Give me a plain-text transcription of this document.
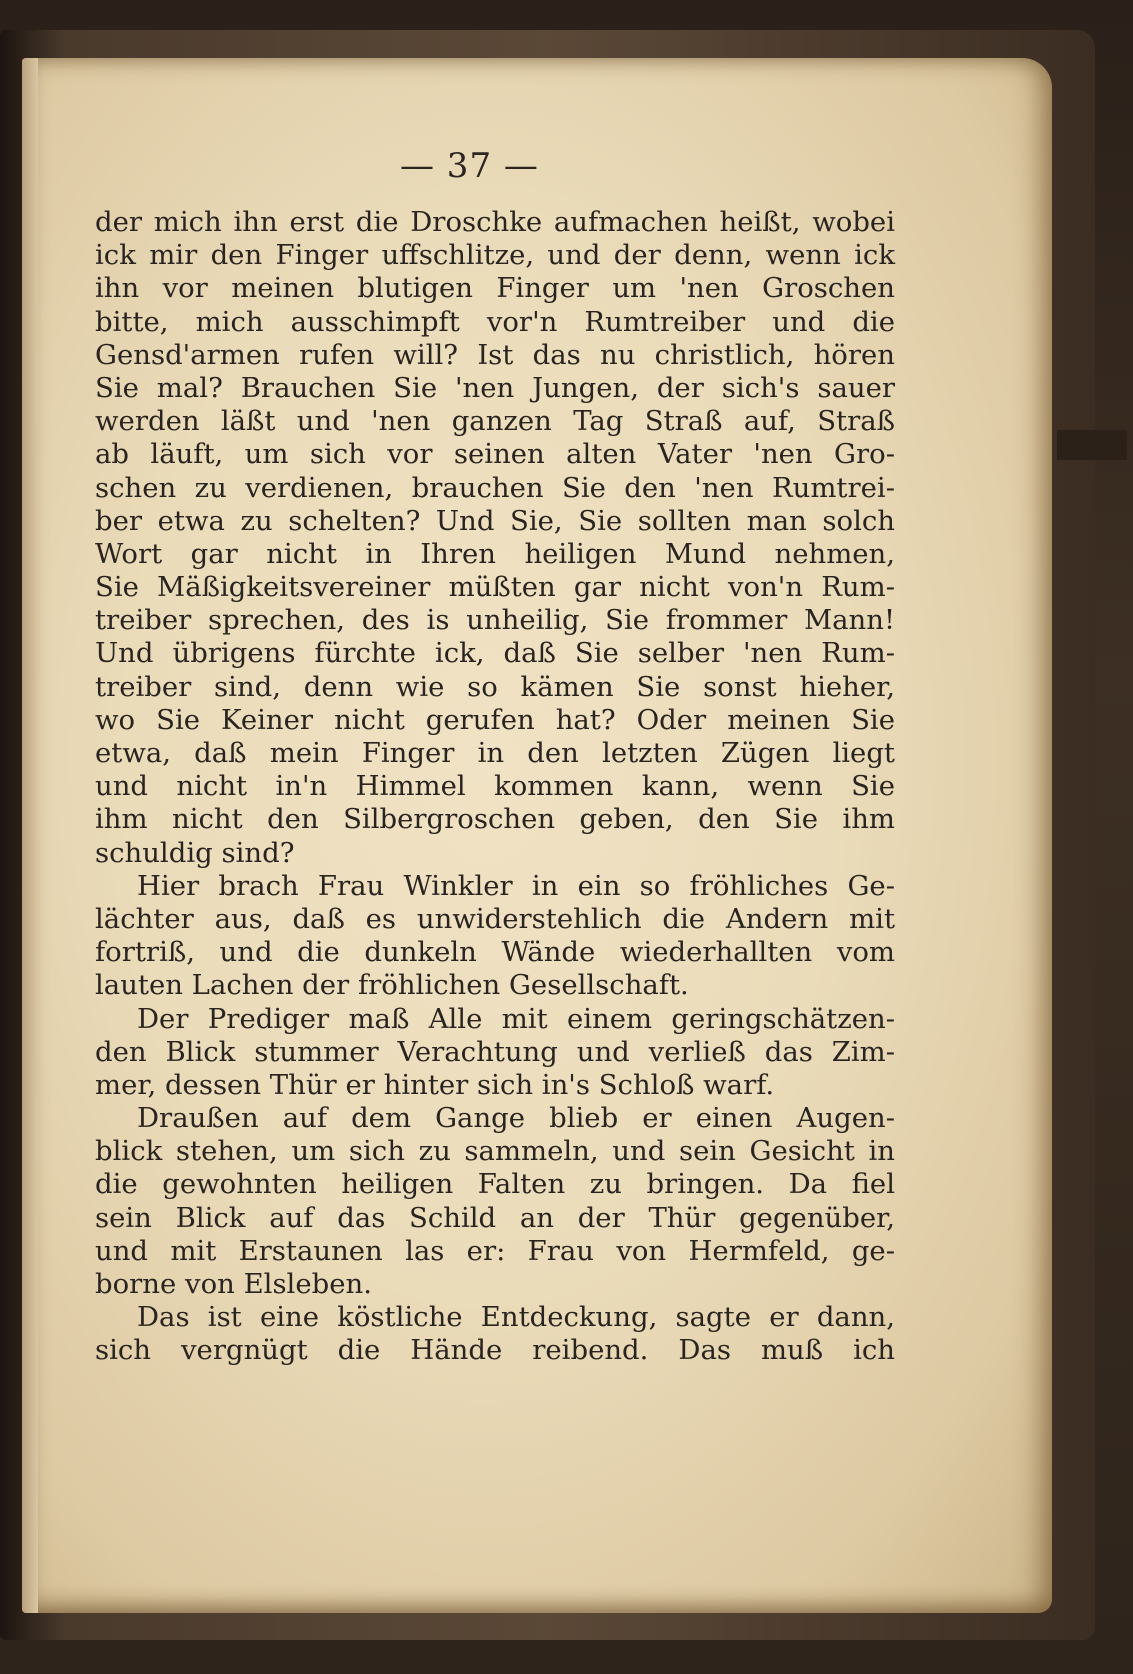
— 37 —
der mich ihn erst die Droschke aufmachen heißt, wobei
ick mir den Finger uffschlitze, und der denn, wenn ick
ihn vor meinen blutigen Finger um 'nen Groschen
bitte, mich ausschimpft vor'n Rumtreiber und die
Gensd'armen rufen will? Ist das nu christlich, hören
Sie mal? Brauchen Sie 'nen Jungen, der sich's sauer
werden läßt und 'nen ganzen Tag Straß auf, Straß
ab läuft, um sich vor seinen alten Vater 'nen Gro-
schen zu verdienen, brauchen Sie den 'nen Rumtrei-
ber etwa zu schelten? Und Sie, Sie sollten man solch
Wort gar nicht in Ihren heiligen Mund nehmen,
Sie Mäßigkeitsvereiner müßten gar nicht von'n Rum-
treiber sprechen, des is unheilig, Sie frommer Mann!
Und übrigens fürchte ick, daß Sie selber 'nen Rum-
treiber sind, denn wie so kämen Sie sonst hieher,
wo Sie Keiner nicht gerufen hat? Oder meinen Sie
etwa, daß mein Finger in den letzten Zügen liegt
und nicht in'n Himmel kommen kann, wenn Sie
ihm nicht den Silbergroschen geben, den Sie ihm
schuldig sind?
Hier brach Frau Winkler in ein so fröhliches Ge-
lächter aus, daß es unwiderstehlich die Andern mit
fortriß, und die dunkeln Wände wiederhallten vom
lauten Lachen der fröhlichen Gesellschaft.
Der Prediger maß Alle mit einem geringschätzen-
den Blick stummer Verachtung und verließ das Zim-
mer, dessen Thür er hinter sich in's Schloß warf.
Draußen auf dem Gange blieb er einen Augen-
blick stehen, um sich zu sammeln, und sein Gesicht in
die gewohnten heiligen Falten zu bringen. Da fiel
sein Blick auf das Schild an der Thür gegenüber,
und mit Erstaunen las er: Frau von Hermfeld, ge-
borne von Elsleben.
Das ist eine köstliche Entdeckung, sagte er dann,
sich vergnügt die Hände reibend. Das muß ich
